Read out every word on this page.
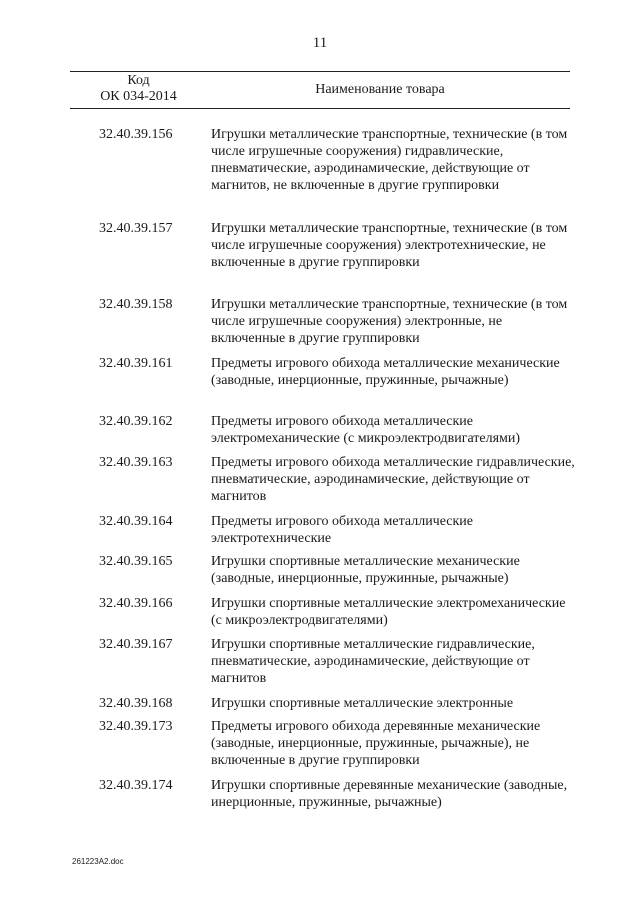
11
Код
ОК 034-2014	Наименование товара
32.40.39.156	Игрушки металлические транспортные, технические (в том числе игрушечные сооружения) гидравлические, пневматические, аэродинамические, действующие от магнитов, не включенные в другие группировки
32.40.39.157	Игрушки металлические транспортные, технические (в том числе игрушечные сооружения) электротехнические, не включенные в другие группировки
32.40.39.158	Игрушки металлические транспортные, технические (в том числе игрушечные сооружения) электронные, не включенные в другие группировки
32.40.39.161	Предметы игрового обихода металлические механические (заводные, инерционные, пружинные, рычажные)
32.40.39.162	Предметы игрового обихода металлические электромеханические (с микроэлектродвигателями)
32.40.39.163	Предметы игрового обихода металлические гидравлические, пневматические, аэродинамические, действующие от магнитов
32.40.39.164	Предметы игрового обихода металлические электротехнические
32.40.39.165	Игрушки спортивные металлические механические (заводные, инерционные, пружинные, рычажные)
32.40.39.166	Игрушки спортивные металлические электромеханические (с микроэлектродвигателями)
32.40.39.167	Игрушки спортивные металлические гидравлические, пневматические, аэродинамические, действующие от магнитов
32.40.39.168	Игрушки спортивные металлические электронные
32.40.39.173	Предметы игрового обихода деревянные механические (заводные, инерционные, пружинные, рычажные), не включенные в другие группировки
32.40.39.174	Игрушки спортивные деревянные механические (заводные, инерционные, пружинные, рычажные)
261223A2.doc
